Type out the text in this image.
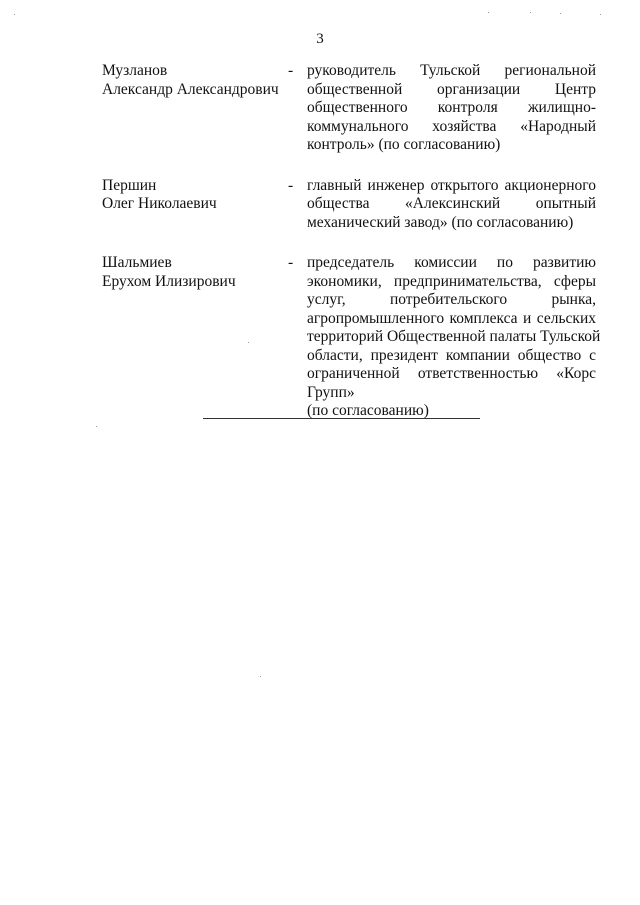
3
Музланов
Александр Александрович
- руководитель Тульской региональной
общественной организации Центр
общественного контроля жилищно-
коммунального хозяйства «Народный
контроль» (по согласованию)
Першин
Олег Николаевич
- главный инженер открытого акционерного
общества «Алексинский опытный
механический завод» (по согласованию)
Шальмиев
Ерухом Илизирович
- председатель комиссии по развитию
экономики, предпринимательства, сферы
услуг, потребительского рынка,
агропромышленного комплекса и сельских
территорий Общественной палаты Тульской
области, президент компании общество с
ограниченной ответственностью «Корс
Групп»
(по согласованию)
